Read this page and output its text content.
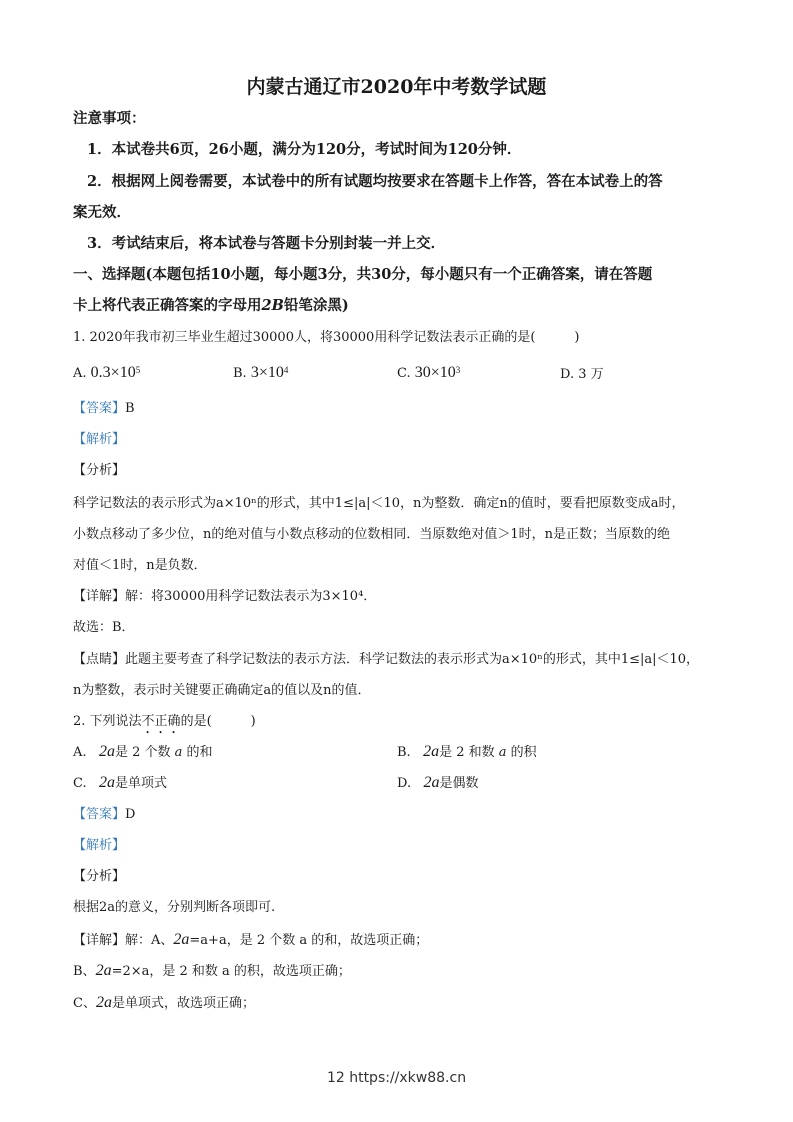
内蒙古通辽市2020年中考数学试题
注意事项：
1．本试卷共6页，26小题，满分为120分，考试时间为120分钟．
2．根据网上阅卷需要，本试卷中的所有试题均按要求在答题卡上作答，答在本试卷上的答
案无效．
3．考试结束后，将本试卷与答题卡分别封装一并上交．
一、选择题(本题包括10小题，每小题3分，共30分，每小题只有一个正确答案，请在答题
卡上将代表正确答案的字母用2B铅笔涂黑)
1. 2020年我市初三毕业生超过30000人，将30000用科学记数法表示正确的是(　　　)
A. $0.3\times 10^5$	B. $3\times 10^4$	C. $30\times 10^3$	D. 3 万
【答案】B
【解析】
【分析】
科学记数法的表示形式为a×10ⁿ的形式，其中1≤|a|＜10，n为整数．确定n的值时，要看把原数变成a时，
小数点移动了多少位，n的绝对值与小数点移动的位数相同．当原数绝对值＞1时，n是正数；当原数的绝
对值＜1时，n是负数．
【详解】解：将30000用科学记数法表示为3×10⁴．
故选：B．
【点睛】此题主要考查了科学记数法的表示方法．科学记数法的表示形式为a×10ⁿ的形式，其中1≤|a|＜10，
n为整数，表示时关键要正确确定a的值以及n的值．
2. 下列说法不正确的是(　　　)
A. 2a是 2 个数 a 的和	B. 2a是 2 和数 a 的积
C. 2a是单项式	D. 2a是偶数
【答案】D
【解析】
【分析】
根据2a的意义，分别判断各项即可.
【详解】解：A、2a=a+a，是 2 个数 a 的和，故选项正确；
B、2a=2×a，是 2 和数 a 的积，故选项正确；
C、2a是单项式，故选项正确；
12 https://xkw88.cn
